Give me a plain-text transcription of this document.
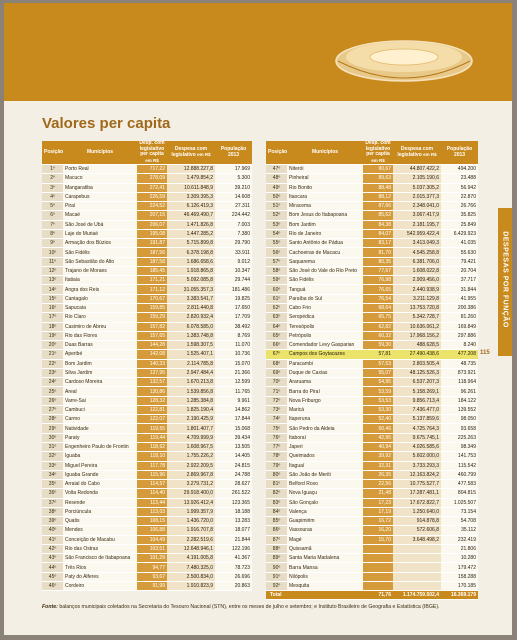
Valores per capita
Posição	Municípios	Desp. com legislativo per capita em R$	Despesa com legislativo em R$	População 2013
1º	Porto Real	717,22	12.888.227,8	17.969
2º	Macuco	278,09	1.479.854,2	5.300
3º	Mangaratiba	272,41	10.611.848,9	39.210
4º	Carapebus	226,59	3.309.395,3	14.608
5º	Piraí	224,52	6.126.419,3	27.311
6º	Macaé	207,15	46.469.490,7	224.442
7º	São José de Ubá	206,07	1.471.826,8	7.003
8º	Laje do Muriaé	195,08	1.447.285,2	7.380
9º	Armação dos Búzios	191,87	5.715.899,8	29.790
10º	São Fidélis	187,56	6.378.198,8	33.911
11º	São Sebastião do Alto	187,58	1.686.658,6	9.012
12º	Trajano de Moraes	185,45	1.918.865,8	10.347
13º	Itatiaia	171,21	5.092.085,8	29.744
14º	Angra dos Reis	171,12	31.055.357,3	181.486
15º	Cantagalo	170,67	3.383.541,7	19.825
16º	Sapucaia	159,85	2.811.440,8	17.650
17º	Rio Claro	159,29	2.820.932,4	17.709
18º	Casimiro de Abreu	157,82	6.078.585,0	38.492
19º	Rio das Flores	157,65	1.383.748,8	8.769
20º	Duas Barras	144,28	1.598.307,5	11.070
21º	Aperibé	142,08	1.525.407,1	10.736
22º	Bom Jardim	140,33	2.114.785,8	15.070
23º	Silva Jardim	137,95	2.947.484,4	21.366
24º	Cardoso Moreira	132,57	1.670.213,8	12.599
25º	Areal	130,86	1.539.856,8	11.765
26º	Varre-Sai	128,32	1.285.384,8	9.961
27º	Cambuci	122,81	1.825.190,4	14.862
28º	Carmo	122,07	2.190.425,9	17.844
29º	Natividade	119,55	1.801.407,7	15.068
30º	Paraty	119,44	4.709.999,9	39.434
31º	Engenheiro Paulo de Frontin	118,62	1.608.967,5	13.505
32º	Iguaba	118,10	1.755.226,2	14.405
33º	Miguel Pereira	117,78	2.922.209,5	24.815
34º	Iguaba Grande	115,96	2.869.967,8	24.788
35º	Arraial do Cabo	114,57	3.279.731,2	28.627
36º	Volta Redonda	114,40	29.918.400,0	261.522
37º	Resende	113,44	13.926.412,4	123.365
38º	Porciúncula	113,03	1.999.357,9	18.188
39º	Quatis	108,15	1.436.720,0	13.283
40º	Mendes	106,88	1.916.707,8	18.077
41º	Conceição de Macabu	104,49	2.282.519,6	21.844
42º	Rio das Ostras	103,51	12.648.946,1	122.196
43º	São Francisco de Itabapoana	101,29	4.191.005,8	41.367
44º	Três Rios	94,77	7.480.325,0	78.723
45º	Paty do Alferes	93,67	2.500.834,0	26.696
46º	Cordeiro	91,99	1.910.823,9	20.863
Posição	Municípios	Desp. com legislativo per capita em R$	Despesa com legislativo em R$	População 2013
47º	Niterói	90,67	44.807.422,2	494.200
48º	Pinheiral	89,63	2.105.190,6	23.488
49º	Rio Bonito	88,48	5.037.305,2	56.942
50º	Itaocara	88,12	2.015.377,3	22.870
51º	Miracema	87,66	2.348.041,0	26.766
52º	Bom Jesus do Itabapoana	85,62	3.067.417,9	35.825
53º	Bom Jardim	84,38	2.181.195,7	25.849
54º	Rio de Janeiro	84,07	542.959.422,4	6.429.923
55º	Santo Antônio de Pádua	83,17	3.413.049,3	41.035
56º	Cachoeiras de Macacu	81,70	4.545.258,8	55.630
57º	Saquarema	80,35	6.381.706,0	79.421
58º	São José do Vale do Rio Preto	77,67	1.608.022,8	20.704
59º	São Fidélis	76,98	2.909.456,0	37.717
60º	Tanguá	76,65	2.440.938,9	31.844
61º	Paraíba do Sul	76,54	3.211.129,8	41.955
62º	Cabo Frio	68,64	13.753.720,8	200.386
63º	Seropédica	65,75	5.342.728,7	81.260
64º	Teresópolis	62,82	10.636.061,2	169.849
65º	Petrópolis	60,32	17.968.156,2	297.886
66º	Comendador Levy Gasparian	59,30	488.628,5	8.240
67º	Campos dos Goytacazes	57,81	27.490.438,6	477.208
68º	Paracambi	57,53	2.803.505,4	48.735
69º	Duque de Caxias	55,07	48.125.526,3	873.921
70º	Araruama	54,95	6.537.207,3	118.964
71º	Barra do Piraí	53,59	5.158.269,1	96.261
72º	Nova Friburgo	53,53	9.856.713,4	184.122
73º	Maricá	53,30	7.436.477,0	139.552
74º	Itaperuna	52,40	5.137.859,6	98.050
75º	São Pedro da Aldeia	50,46	4.725.764,3	93.658
76º	Itaboraí	42,95	9.675.745,1	225.263
77º	Japeri	40,94	4.026.585,6	98.349
78º	Queimados	39,92	5.602.000,0	141.753
79º	Itaguaí	32,31	3.733.293,3	115.542
80º	São João de Meriti	26,35	12.163.824,2	460.799
81º	Belford Roxo	22,56	10.775.527,7	477.583
82º	Nova Iguaçu	21,48	17.287.481,1	804.815
83º	São Gonçalo	17,23	17.672.822,7	1.025.507
84º	Valença	17,19	1.250.640,0	73.154
85º	Guapimirim	16,72	914.878,8	54.708
86º	Vassouras	16,20	572.606,8	35.112
87º	Magé	15,70	3.648.498,2	232.419
88º	Quissamã			21.806
89º	Santa Maria Madalena			10.280
90º	Barra Mansa			179.472
91º	Nilópolis			158.288
92º	Mesquita			170.185
Total		71,76	1.174.759.502,4	16.369.179
DESPESAS POR FUNÇÃO
115
Fonte: balanços municipais coletados na Secretaria do Tesouro Nacional (STN), entre os meses de julho e setembro; e Instituto Brasileiro de Geografia e Estatística (IBGE).
